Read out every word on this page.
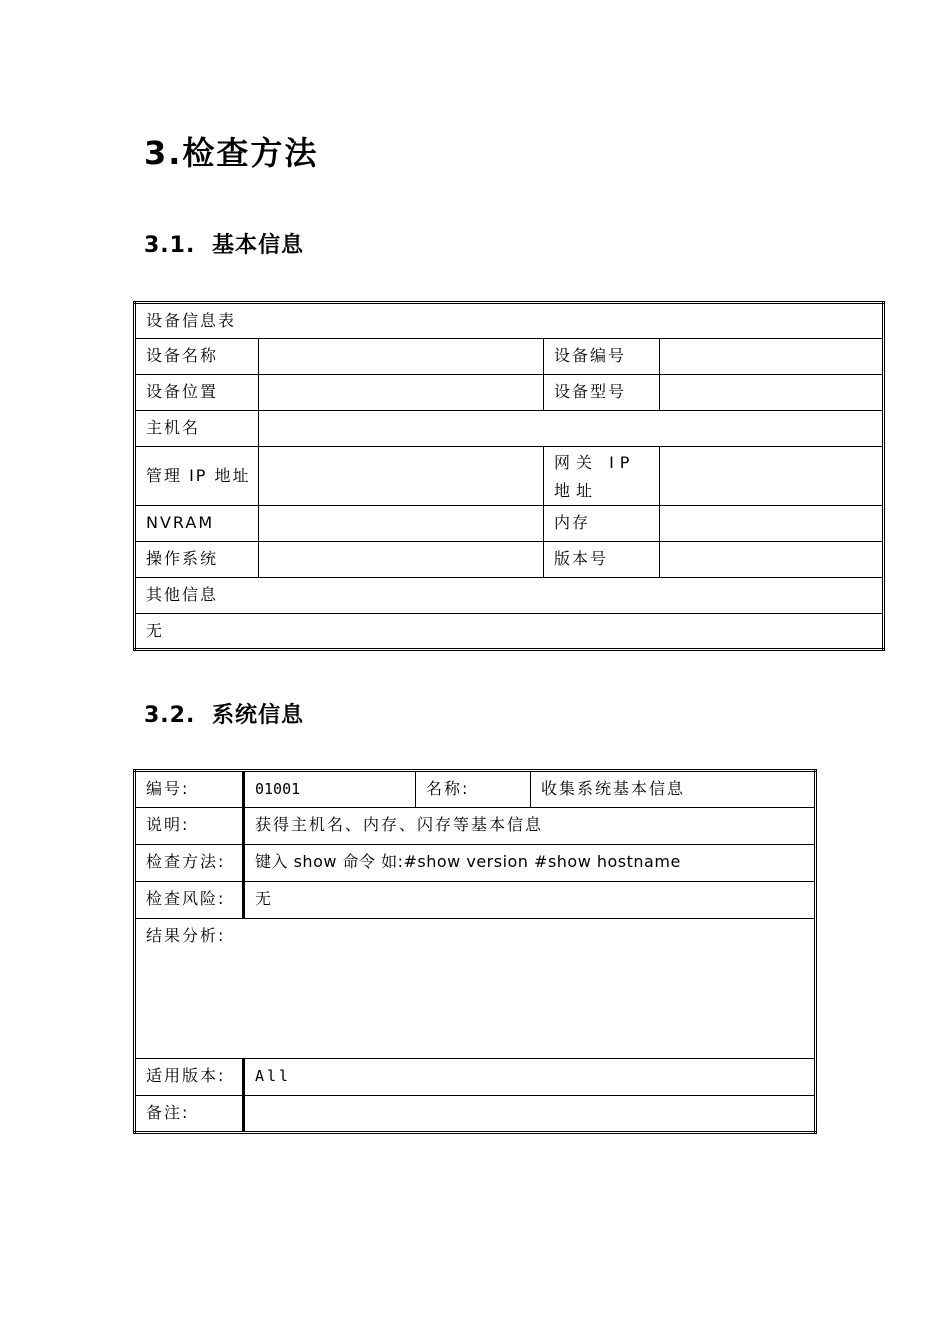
3.检查方法
3.1. 基本信息
设备信息表			
设备名称		设备编号	
设备位置		设备型号	
主机名			
管理 IP 地址		网关 IP 地址	
NVRAM		内存	
操作系统		版本号	
其他信息			
无			
3.2. 系统信息
编号:	01001	名称:	收集系统基本信息
说明:	获得主机名、内存、闪存等基本信息		
检查方法:	键入 show 命令 如:#show version #show hostname		
检查风险:	无		
结果分析:			
适用版本:	All		
备注:			
